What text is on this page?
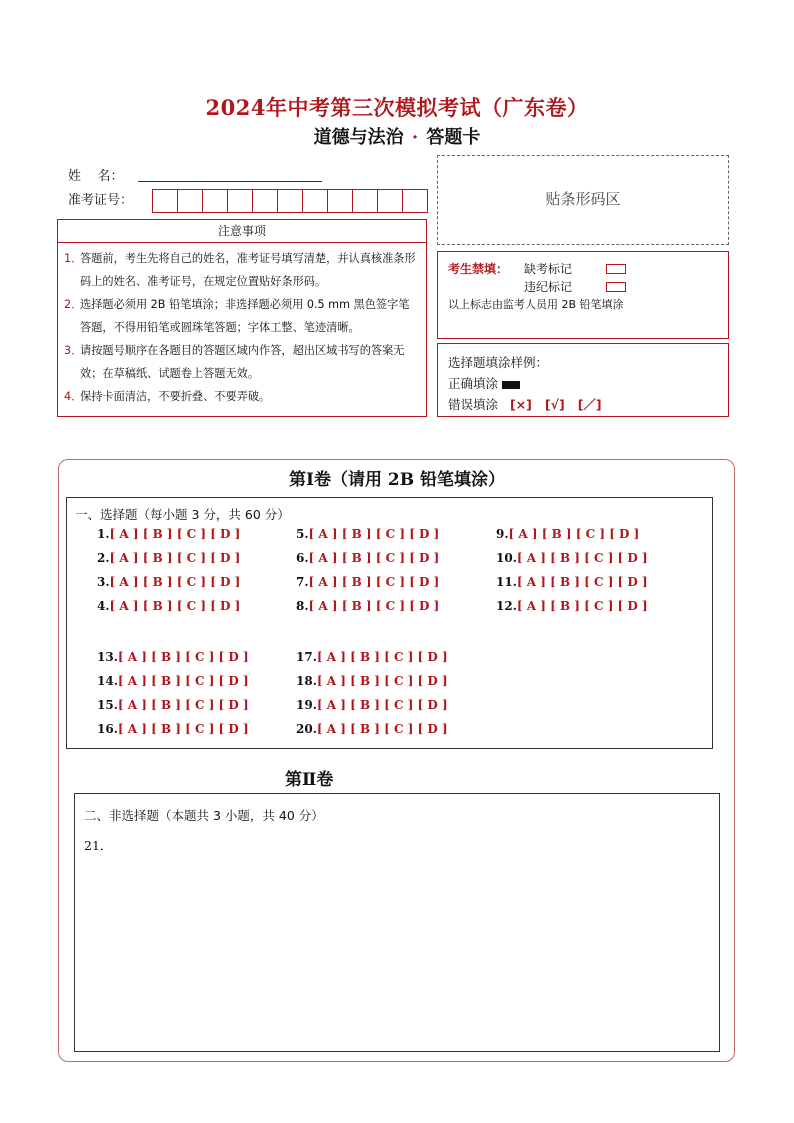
2024年中考第三次模拟考试（广东卷）
道德与法治 · 答题卡
姓    名：
准考证号：
注意事项
1．
答题前，考生先将自己的姓名，准考证号填写清楚，并认真核准条形码上的姓名、准考证号，在规定位置贴好条形码。
2．
选择题必须用 2B 铅笔填涂；非选择题必须用 0.5 mm 黑色签字笔答题，不得用铅笔或圆珠笔答题；字体工整、笔迹清晰。
3．
请按题号顺序在各题目的答题区域内作答，超出区域书写的答案无效；在草稿纸、试题卷上答题无效。
4．
保持卡面清洁，不要折叠、不要弄破。
贴条形码区
考生禁填： 缺考标记
违纪标记
以上标志由监考人员用 2B 铅笔填涂
选择题填涂样例：
正确填涂
错误填涂 [×]   [√]   [／]
第Ⅰ卷（请用 2B 铅笔填涂）
一、选择题（每小题 3 分，共 60 分）
1.[ A ] [ B ] [ C ] [ D ]
2.[ A ] [ B ] [ C ] [ D ]
3.[ A ] [ B ] [ C ] [ D ]
4.[ A ] [ B ] [ C ] [ D ]
5.[ A ] [ B ] [ C ] [ D ]
6.[ A ] [ B ] [ C ] [ D ]
7.[ A ] [ B ] [ C ] [ D ]
8.[ A ] [ B ] [ C ] [ D ]
9.[ A ] [ B ] [ C ] [ D ]
10.[ A ] [ B ] [ C ] [ D ]
11.[ A ] [ B ] [ C ] [ D ]
12.[ A ] [ B ] [ C ] [ D ]
13.[ A ] [ B ] [ C ] [ D ]
14.[ A ] [ B ] [ C ] [ D ]
15.[ A ] [ B ] [ C ] [ D ]
16.[ A ] [ B ] [ C ] [ D ]
17.[ A ] [ B ] [ C ] [ D ]
18.[ A ] [ B ] [ C ] [ D ]
19.[ A ] [ B ] [ C ] [ D ]
20.[ A ] [ B ] [ C ] [ D ]
第Ⅱ卷
二、非选择题（本题共 3 小题，共 40 分）
21．
